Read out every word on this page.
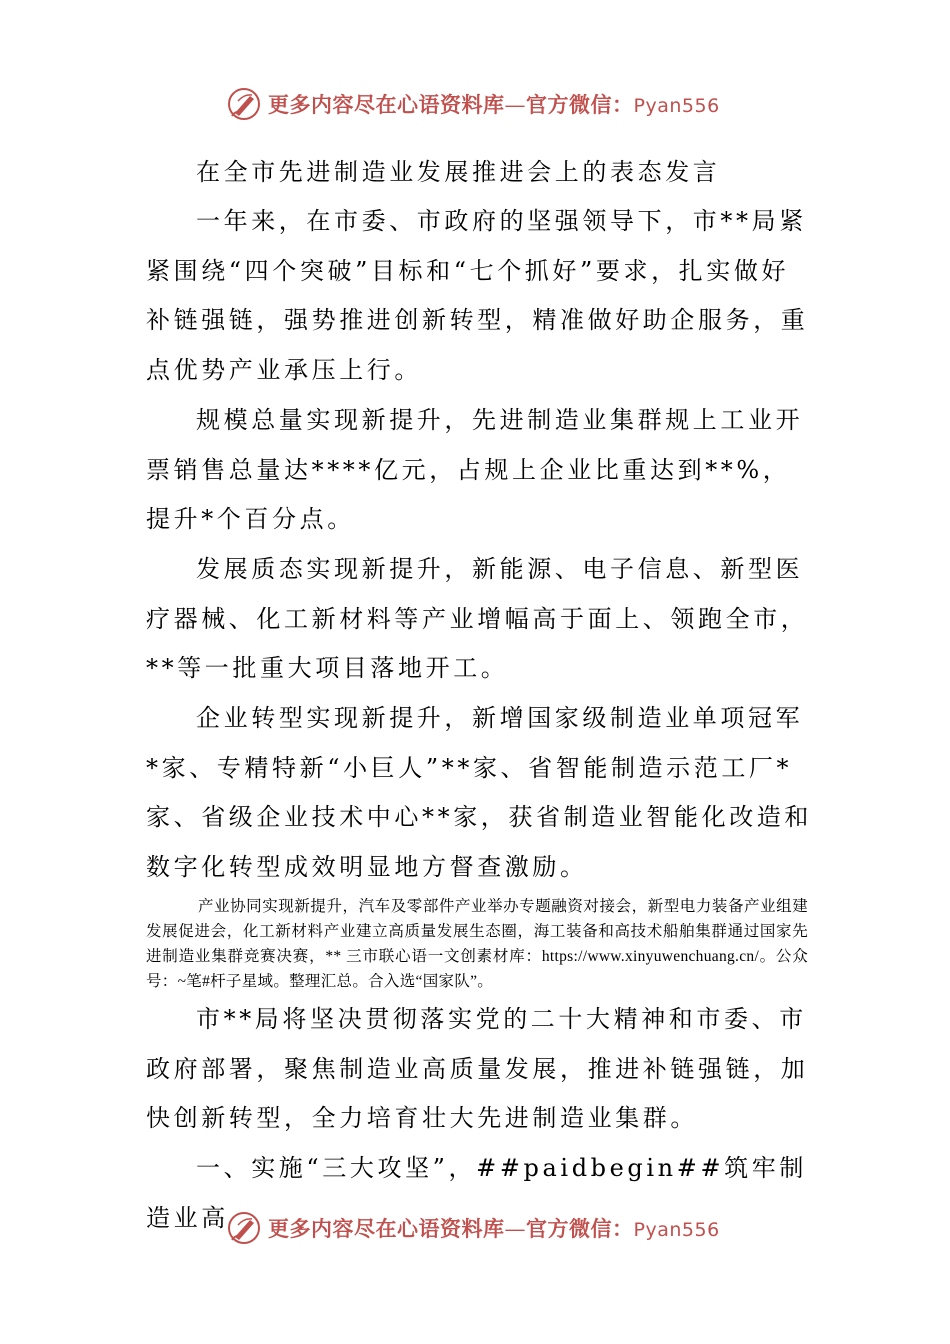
更多内容尽在心语资料库—官方微信：Pyan556

在全市先进制造业发展推进会上的表态发言

一年来，在市委、市政府的坚强领导下，市**局紧紧围绕“四个突破”目标和“七个抓好”要求，扎实做好补链强链，强势推进创新转型，精准做好助企服务，重点优势产业承压上行。

规模总量实现新提升，先进制造业集群规上工业开票销售总量达****亿元，占规上企业比重达到**%，提升*个百分点。

发展质态实现新提升，新能源、电子信息、新型医疗器械、化工新材料等产业增幅高于面上、领跑全市，**等一批重大项目落地开工。

企业转型实现新提升，新增国家级制造业单项冠军*家、专精特新“小巨人”**家、省智能制造示范工厂*家、省级企业技术中心**家，获省制造业智能化改造和数字化转型成效明显地方督查激励。

产业协同实现新提升，汽车及零部件产业举办专题融资对接会，新型电力装备产业组建发展促进会，化工新材料产业建立高质量发展生态圈，海工装备和高技术船舶集群通过国家先进制造业集群竞赛决赛，** 三市联心语一文创素材库：https://www.xinyuwenchuang.cn/。公众号：~笔#杆子星域。整理汇总。合入选“国家队”。

市**局将坚决贯彻落实党的二十大精神和市委、市政府部署，聚焦制造业高质量发展，推进补链强链，加快创新转型，全力培育壮大先进制造业集群。

一、实施“三大攻坚”，##paidbegin##筑牢制造业高	更多内容尽在心语资料库—官方微信：Pyan556
